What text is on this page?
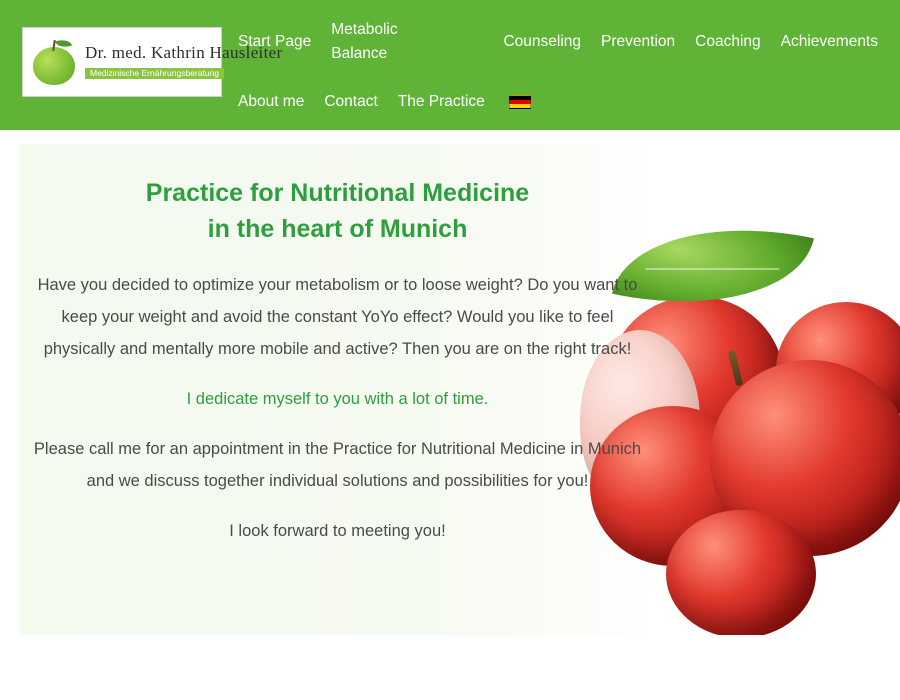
Dr. med. Kathrin Hausleiter
Medizinische Ernährungsberatung
Start Page
Metabolic Balance
Counseling	Prevention	Coaching	Achievements
About me	Contact	The Practice
Practice for Nutritional Medicine
in the heart of Munich

Have you decided to optimize your metabolism or to loose weight? Do you want to keep your weight and avoid the constant YoYo effect? Would you like to feel physically and mentally more mobile and active? Then you are on the right track!

I dedicate myself to you with a lot of time.

Please call me for an appointment in the Practice for Nutritional Medicine in Munich and we discuss together individual solutions and possibilities for you!

I look forward to meeting you!
